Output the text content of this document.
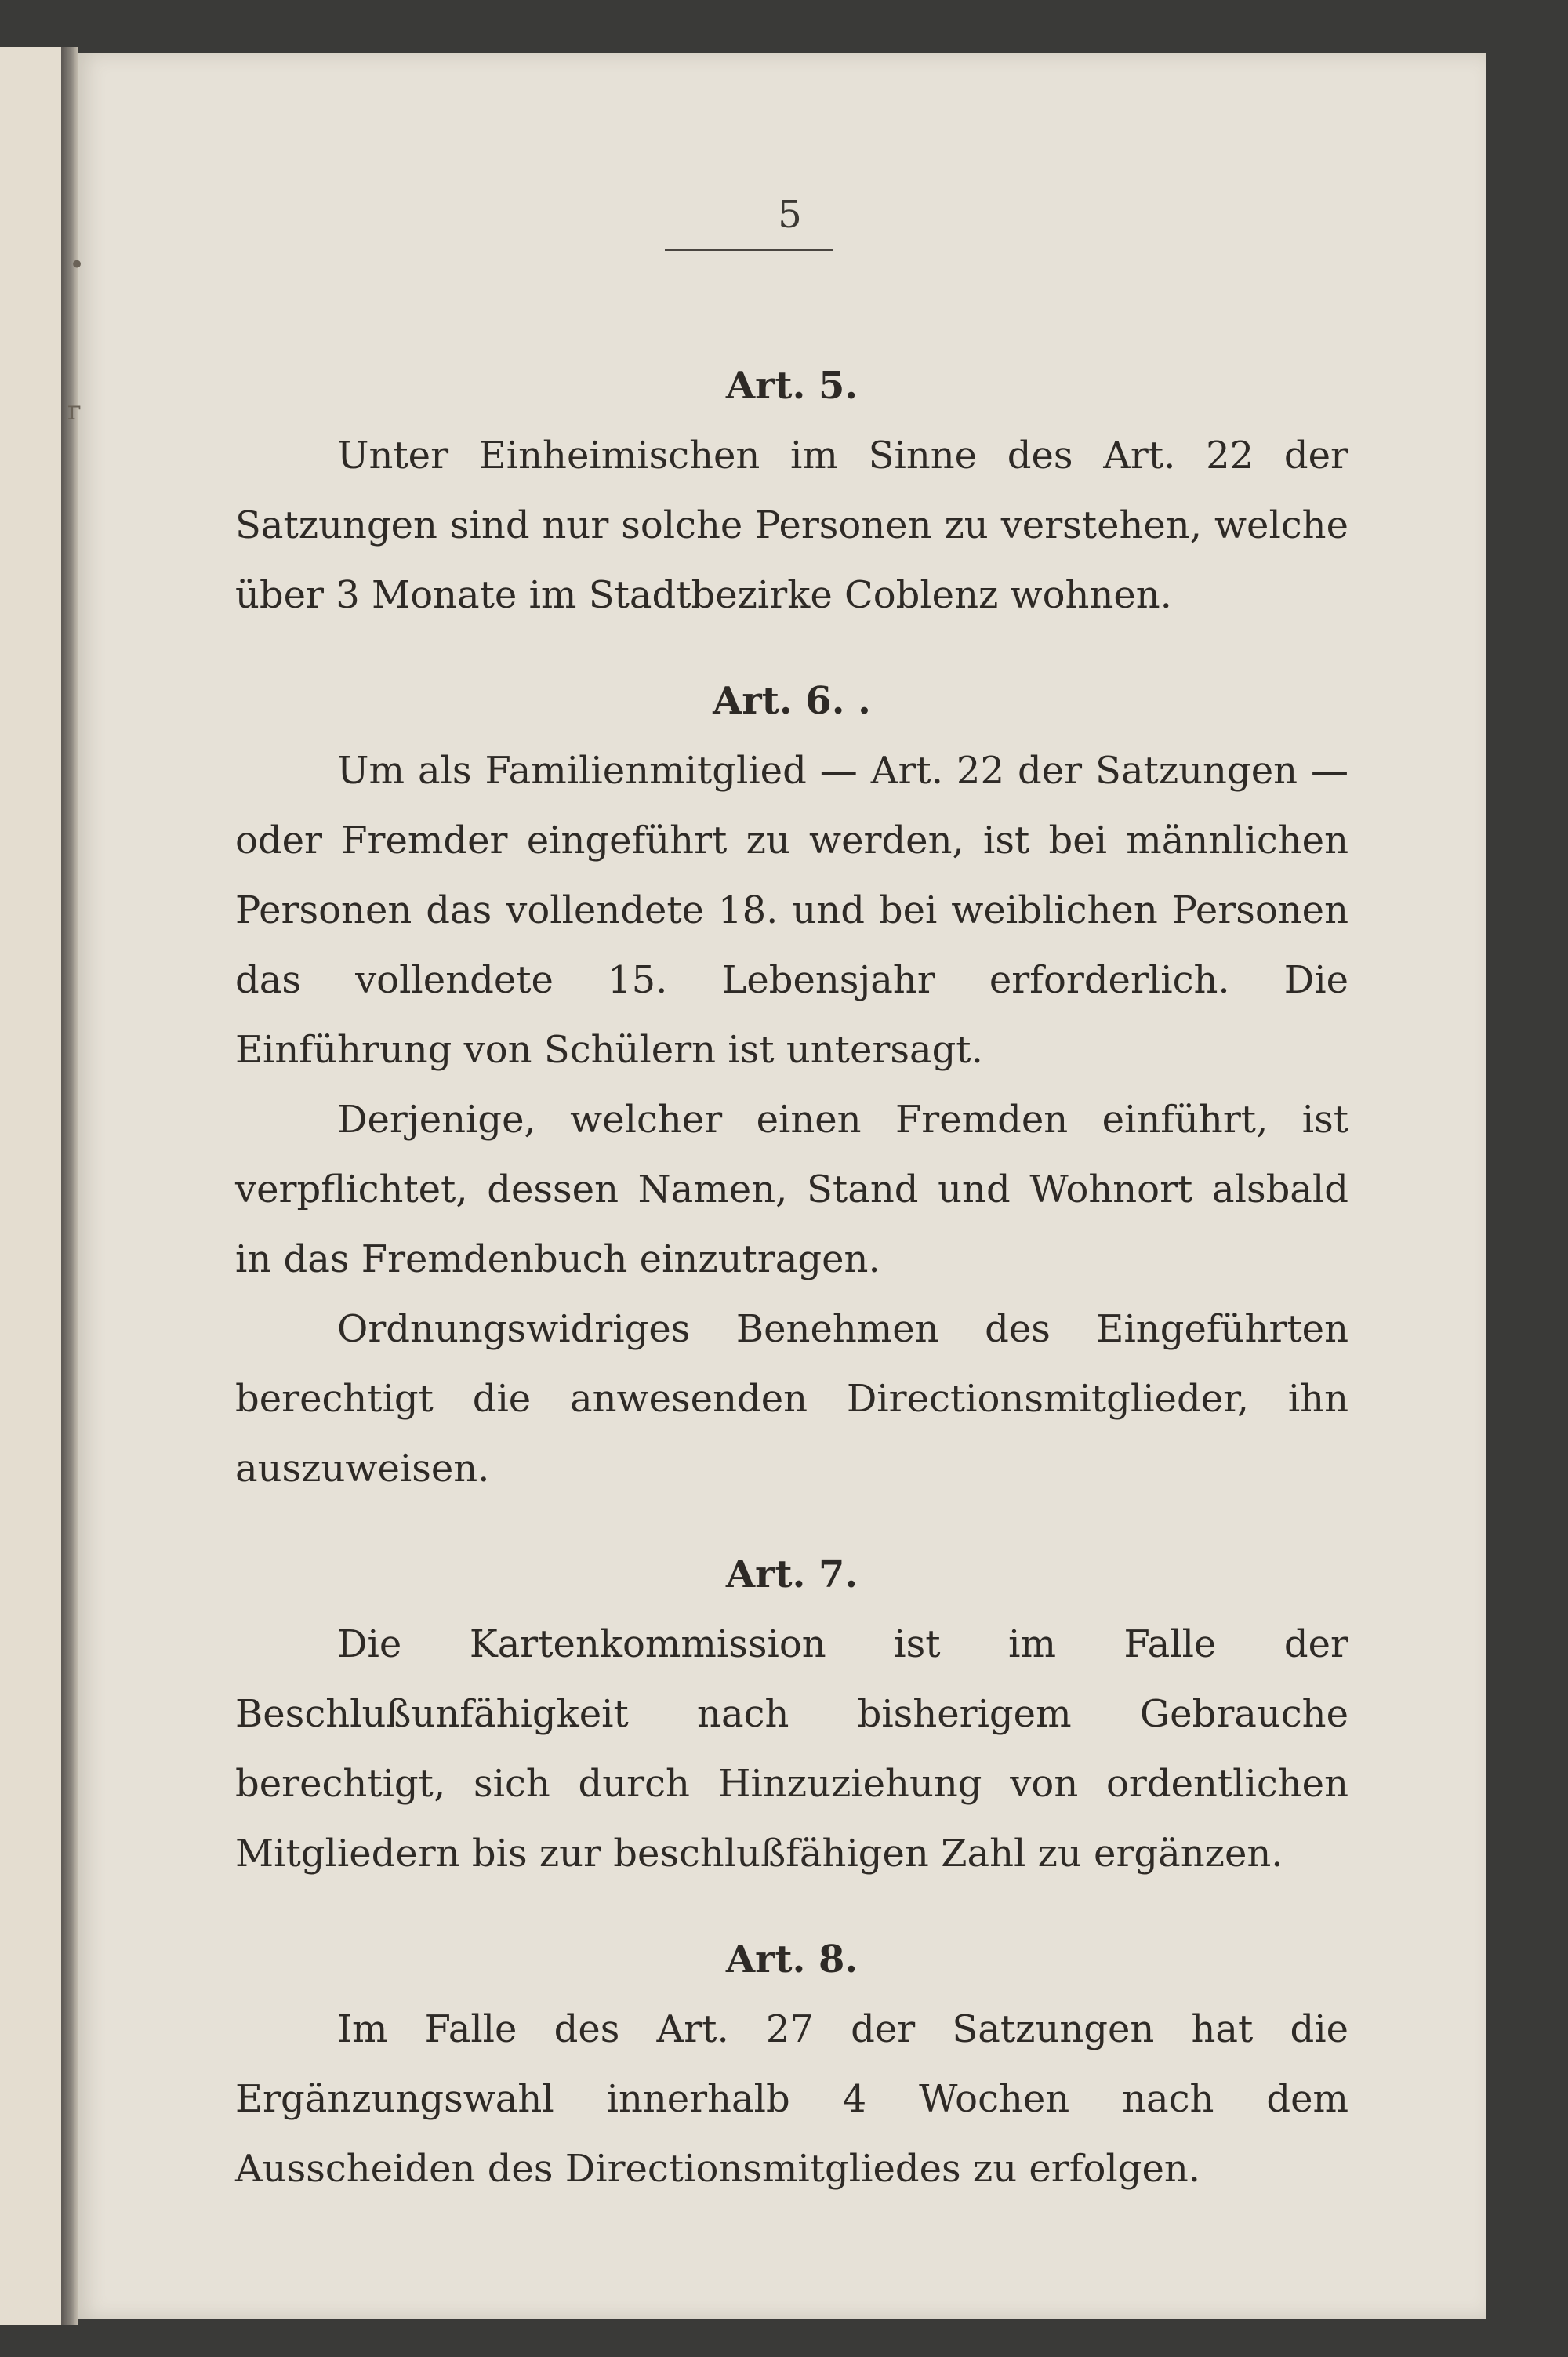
•
ᴦ
5
Art. 5.

Unter Einheimischen im Sinne des Art. 22 der Satzungen sind nur solche Personen zu verstehen, welche über 3 Monate im Stadtbezirke Coblenz wohnen.

Art. 6. .

Um als Familienmitglied — Art. 22 der Satzungen — oder Fremder eingeführt zu werden, ist bei männlichen Personen das vollendete 18. und bei weiblichen Personen das vollendete 15. Lebensjahr erforderlich. Die Einführung von Schülern ist untersagt.

Derjenige, welcher einen Fremden einführt, ist verpflichtet, dessen Namen, Stand und Wohnort alsbald in das Fremdenbuch einzutragen.

Ordnungswidriges Benehmen des Eingeführten berechtigt die anwesenden Directionsmitglieder, ihn auszuweisen.

Art. 7.

Die Kartenkommission ist im Falle der Beschlußunfähigkeit nach bisherigem Gebrauche berechtigt, sich durch Hinzuziehung von ordentlichen Mitgliedern bis zur beschlußfähigen Zahl zu ergänzen.

Art. 8.

Im Falle des Art. 27 der Satzungen hat die Ergänzungswahl innerhalb 4 Wochen nach dem Ausscheiden des Directionsmitgliedes zu erfolgen.
